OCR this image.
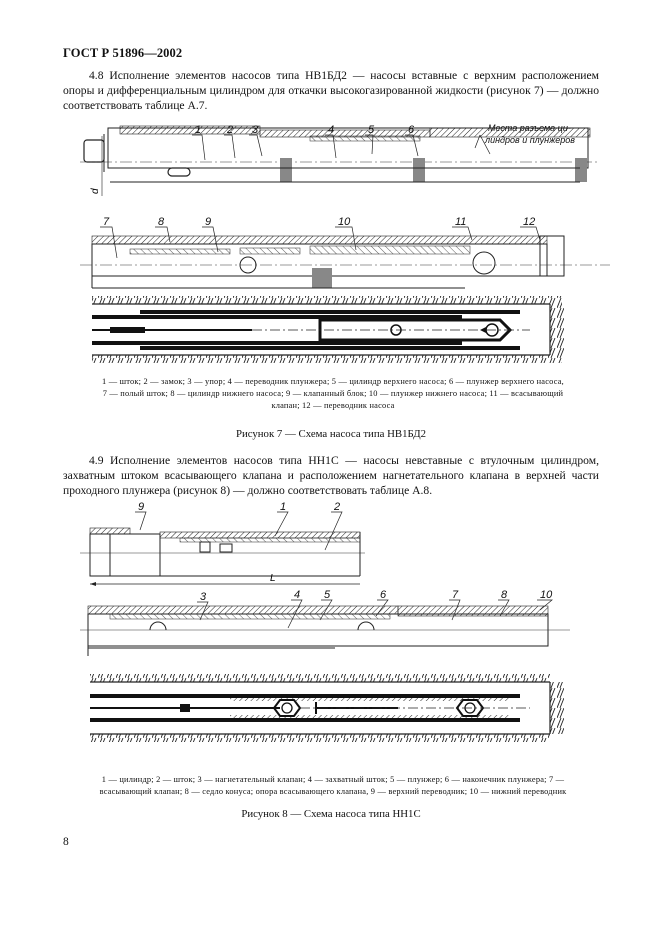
ГОСТ Р 51896—2002
4.8 Исполнение элементов насосов типа НВ1БД2 — насосы вставные с верхним расположением опоры и дифференциальным цилиндром для откачки высокогазированной жидкости (рисунок 7) — должно соответствовать таблице А.7.
d
1 2 3	4	5	6	Места разъема ци-
линдров и плунжеров
7	8	9	10	11	12
1 — шток; 2 — замок; 3 — упор; 4 — переводник плунжера; 5 — цилиндр верхнего насоса; 6 — плунжер верхнего насоса,
7 — полый шток; 8 — цилиндр нижнего насоса; 9 — клапанный блок; 10 — плунжер нижнего насоса; 11 — всасывающий
клапан; 12 — переводник насоса
Рисунок 7 — Схема насоса типа НВ1БД2
4.9 Исполнение элементов насосов типа НН1С — насосы невставные с втулочным цилиндром, захватным штоком всасывающего клапана и расположением нагнетательного клапана в верхней части проходного плунжера (рисунок 8) — должно соответствовать таблице А.8.
L
9	1	2
3	4 5	6	7	8	10
1 — цилиндр; 2 — шток; 3 — нагнетательный клапан; 4 — захватный шток; 5 — плунжер; 6 — наконечник плунжера; 7 —
всасывающий клапан; 8 — седло конуса; опора всасывающего клапана, 9 — верхний переводник; 10 — нижний переводник
Рисунок 8 — Схема насоса типа НН1С
8
